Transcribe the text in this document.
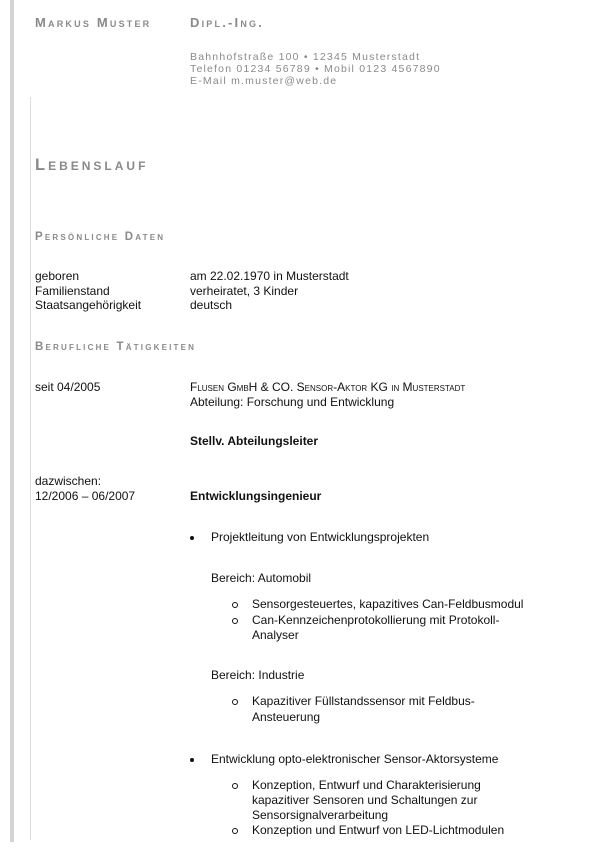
Markus Muster	Dipl.-Ing.
Bahnhofstraße 100 • 12345 Musterstadt
Telefon 01234 56789 • Mobil 0123 4567890
E-Mail m.muster@web.de
Lebenslauf
Persönliche Daten
geboren	am 22.02.1970 in Musterstadt
Familienstand	verheiratet, 3 Kinder
Staatsangehörigkeit	deutsch
Berufliche Tätigkeiten
seit 04/2005	Flusen GmbH & CO. Sensor-Aktor KG in Musterstadt
Abteilung: Forschung und Entwicklung
Stellv. Abteilungsleiter
dazwischen:
12/2006 – 06/2007	Entwicklungsingenieur
Projektleitung von Entwicklungsprojekten
Bereich: Automobil
Sensorgesteuertes, kapazitives Can-Feldbusmodul
Can-Kennzeichenprotokollierung mit Protokoll-
Analyser
Bereich: Industrie
Kapazitiver Füllstandssensor mit Feldbus-
Ansteuerung
Entwicklung opto-elektronischer Sensor-Aktorsysteme
Konzeption, Entwurf und Charakterisierung
kapazitiver Sensoren und Schaltungen zur
Sensorsignalverarbeitung
Konzeption und Entwurf von LED-Lichtmodulen
